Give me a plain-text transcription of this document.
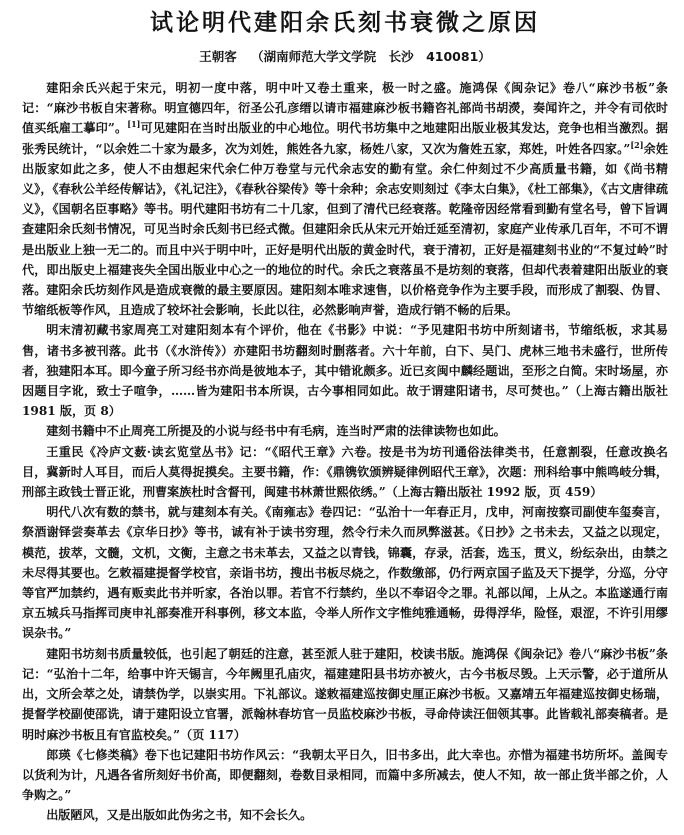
试论明代建阳余氏刻书衰微之原因
王朝客 （湖南师范大学文学院　长沙　410081）

建阳余氏兴起于宋元，明初一度中落，明中叶又卷土重来，极一时之盛。施鸿保《闽杂记》卷八“麻沙书板”条记：“麻沙书板自宋著称。明宣德四年，衍圣公孔彦缙以请市福建麻沙板书籍咨礼部尚书胡濙，奏闻许之，并令有司依时值买纸雇工摹印”。[1]可见建阳在当时出版业的中心地位。明代书坊集中之地建阳出版业极其发达，竞争也相当激烈。据张秀民统计，“以余姓二十家为最多，次为刘姓，熊姓各九家，杨姓八家，又次为詹姓五家，郑姓，叶姓各四家。”[2]余姓出版家如此之多，使人不由想起宋代余仁仲万卷堂与元代余志安的勤有堂。余仁仲刻过不少高质量书籍，如《尚书精义》，《春秋公羊经传解诂》，《礼记注》，《春秋谷梁传》等十余种；余志安则刻过《李太白集》，《杜工部集》，《古文唐律疏义》，《国朝名臣事略》等书。明代建阳书坊有二十几家，但到了清代已经衰落。乾隆帝因经常看到勤有堂名号，曾下旨调查建阳余氏刻书情况，可见当时余氏刻书已经式微。但建阳余氏从宋元开始迁延至清初，家庭产业传承几百年，不可不谓是出版业上独一无二的。而且中兴于明中叶，正好是明代出版的黄金时代，衰于清初，正好是福建刻书业的“不复过岭”时代，即出版史上福建丧失全国出版业中心之一的地位的时代。余氏之衰落虽不是坊刻的衰落，但却代表着建阳出版业的衰落。建阳余氏坊刻作风是造成衰微的最主要原因。建阳刻本唯求速售，以价格竞争作为主要手段，而形成了割裂、伪冒、节缩纸板等作风，且造成了较坏社会影响，长此以往，必然影响声誉，造成行销不畅的后果。

明末清初藏书家周亮工对建阳刻本有个评价，他在《书影》中说：“予见建阳书坊中所刻诸书，节缩纸板，求其易售，诸书多被刊落。此书（《水浒传》）亦建阳书坊翻刻时删落者。六十年前，白下、吴门、虎林三地书未盛行，世所传者，独建阳本耳。即今童子所习经书亦尚是彼地本子，其中错讹颇多。近已亥闽中麟经题诎，至形之白简。宋时场屋，亦因题目字讹，致士子喧争，……皆为建阳书本所误，古今事相同如此。故于谓建阳诸书，尽可焚也。”（上海古籍出版社 1981 版，页 8）

建刻书籍中不止周亮工所提及的小说与经书中有毛病，连当时严肃的法律读物也如此。

王重民《冷庐文薮·读玄览堂丛书》记：“《昭代王章》六卷。按是书为坊刊通俗法律类书，任意割裂，任意改换名目，冀新时人耳目，而后人莫得捉摸矣。主要书籍，作：《鼎镌钦颁辨疑律例昭代王章》，次题：刑科给事中熊鸣岐分辑，刑部主政钱士晋正讹，刑曹案族杜时含督刊，闽建书林萧世熙依绣。”（上海古籍出版社 1992 版，页 459）

明代八次有数的禁书，就与建刻本有关。《南雍志》卷四记：“弘治十一年春正月，戊申，河南按察司副使车玺奏言，祭酒谢铎尝奏革去《京华日抄》等书，诚有补于读书穷理，然令行未久而夙弊滋甚。《日抄》之书未去，又益之以现定，模范，拔萃，文髓，文机，文衡，主意之书未革去，又益之以青钱，锦囊，存录，活套，选玉，贯义，纷纭杂出，由禁之未尽得其要也。乞敕福建提督学校官，亲诣书坊，搜出书板尽烧之，作数缴部，仍行两京国子监及天下提学，分巡，分守等官严加禁约，遇有贩卖此书并听家，各治以罪。若官不行禁约，坐以不奉诏令之罪。礼部以闻，上从之。本监遂通行南京五城兵马指挥司庚申礼部奏准开科事例，移文本监，令举人所作文字惟纯雅通畅，毋得浮华，险怪，艰涩，不许引用缪误杂书。”

建阳书坊刻书质量较低，也引起了朝廷的注意，甚至派人驻于建阳，校读书版。施鸿保《闽杂记》卷八“麻沙书板”条记：“弘治十二年，给事中许天锡言，今年阙里孔庙灾，福建建阳县书坊亦被火，古今书板尽毁。上天示警，必于道所从出，文所会萃之处，请禁伪学，以崇实用。下礼部议。遂敕福建巡按御史厘正麻沙书板。又嘉靖五年福建巡按御史杨瑞，提督学校副使邵诜，请于建阳设立官署，派翰林春坊官一员监校麻沙书板，寻命侍读汪佃领其事。此皆载礼部奏稿者。是明时麻沙书板且有官监校矣。”（页 117）

郎瑛《七修类稿》卷下也记建阳书坊作风云：“我朝太平日久，旧书多出，此大幸也。亦惜为福建书坊所坏。盖闽专以货利为计，凡遇各省所刻好书价高，即便翻刻，卷数目录相同，而篇中多所减去，使人不知，故一部止货半部之价，人争购之。”

出版陋风，又是出版如此伪劣之书，知不会长久。
